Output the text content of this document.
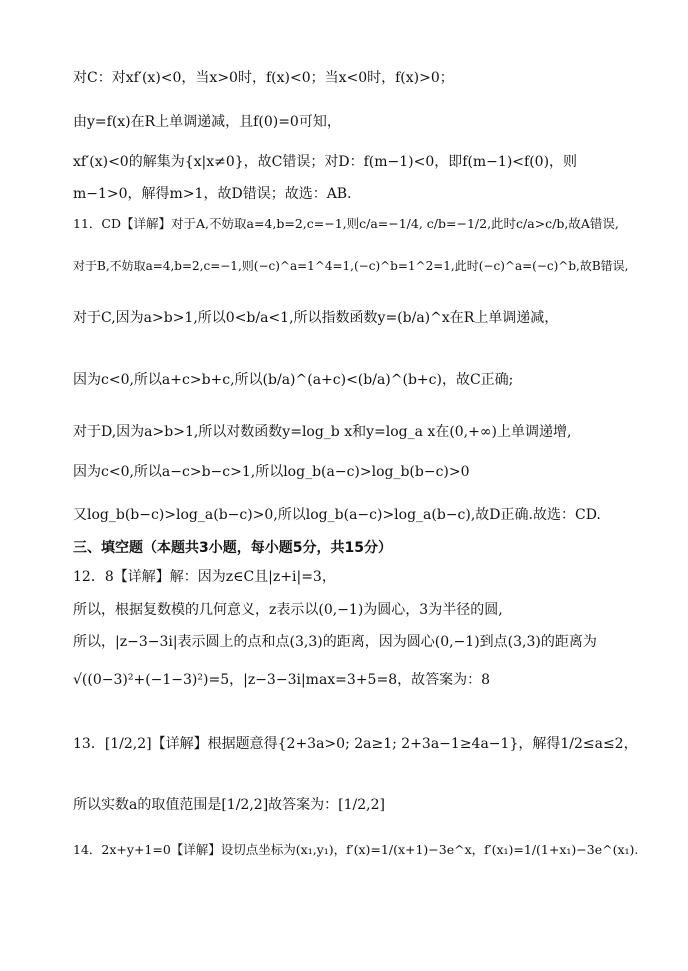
对C：对xf′(x)<0，当x>0时，f(x)<0；当x<0时，f(x)>0；
由y=f(x)在R上单调递减，且f(0)=0可知，
xf′(x)<0的解集为{x|x≠0}，故C错误；对D：f(m−1)<0，即f(m−1)<f(0)，则
m−1>0，解得m>1，故D错误；故选：AB．
11．CD【详解】对于A,不妨取a=4,b=2,c=−1,则c/a=−1/4, c/b=−1/2,此时c/a>c/b,故A错误,
对于B,不妨取a=4,b=2,c=−1,则(−c)^a=1^4=1,(−c)^b=1^2=1,此时(−c)^a=(−c)^b,故B错误,
对于C,因为a>b>1,所以0<b/a<1,所以指数函数y=(b/a)^x在R上单调递减，
因为c<0,所以a+c>b+c,所以(b/a)^(a+c)<(b/a)^(b+c)，故C正确;
对于D,因为a>b>1,所以对数函数y=log_b x和y=log_a x在(0,+∞)上单调递增,
因为c<0,所以a−c>b−c>1,所以log_b(a−c)>log_b(b−c)>0
又log_b(b−c)>log_a(b−c)>0,所以log_b(a−c)>log_a(b−c),故D正确.故选：CD.
三、填空题（本题共3小题，每小题5分，共15分）
12．8【详解】解：因为z∈C且|z+i|=3，
所以，根据复数模的几何意义，z表示以(0,−1)为圆心，3为半径的圆,
所以，|z−3−3i|表示圆上的点和点(3,3)的距离，因为圆心(0,−1)到点(3,3)的距离为
√((0−3)²+(−1−3)²)=5，|z−3−3i|max=3+5=8，故答案为：8
13．[1/2,2]【详解】根据题意得{2+3a>0; 2a≥1; 2+3a−1≥4a−1}，解得1/2≤a≤2，
所以实数a的取值范围是[1/2,2]故答案为：[1/2,2]
14．2x+y+1=0【详解】设切点坐标为(x₁,y₁)，f′(x)=1/(x+1)−3e^x，f′(x₁)=1/(1+x₁)−3e^(x₁).
